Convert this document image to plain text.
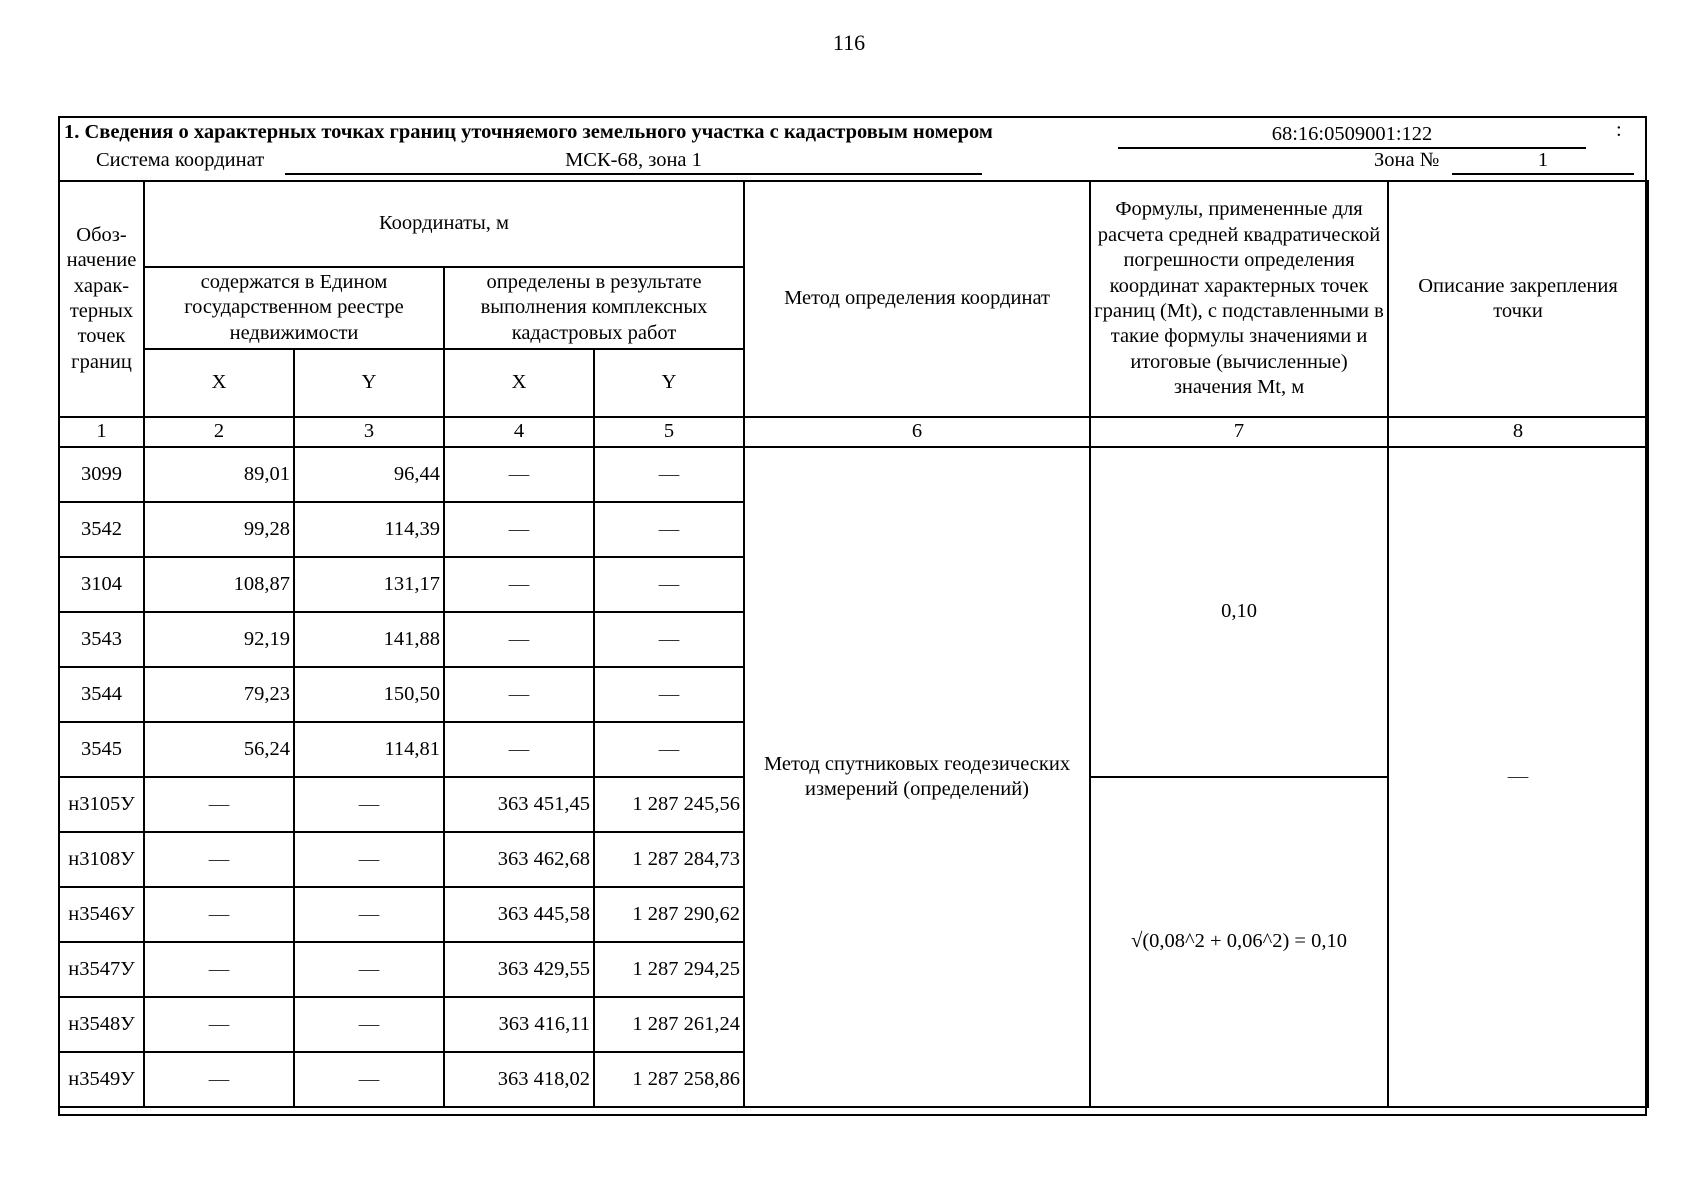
116
1. Сведения о характерных точках границ уточняемого земельного участка с кадастровым номером	68:16:0509001:122	:
Система координат	МСК-68, зона 1	Зона №	1
Обоз-начение харак-терных точек границ	Координаты, м				Метод определения координат	Формулы, примененные для расчета средней квадратической погрешности определения координат характерных точек границ (Mt), с подставленными в такие формулы значениями и итоговые (вычисленные) значения Mt, м	Описание закрепления точки
	содержатся в Едином государственном реестре недвижимости		определены в результате выполнения комплексных кадастровых работ				
	X	Y	X	Y			
1	2	3	4	5	6	7	8
3099	89,01	96,44	—	—	Метод спутниковых геодезических измерений (определений)	0,10	—
3542	99,28	114,39	—	—			
3104	108,87	131,17	—	—			
3543	92,19	141,88	—	—			
3544	79,23	150,50	—	—			
3545	56,24	114,81	—	—			
н3105У	—	—	363 451,45	1 287 245,56		√(0,08^2 + 0,06^2) = 0,10	
н3108У	—	—	363 462,68	1 287 284,73			
н3546У	—	—	363 445,58	1 287 290,62			
н3547У	—	—	363 429,55	1 287 294,25			
н3548У	—	—	363 416,11	1 287 261,24			
н3549У	—	—	363 418,02	1 287 258,86			
